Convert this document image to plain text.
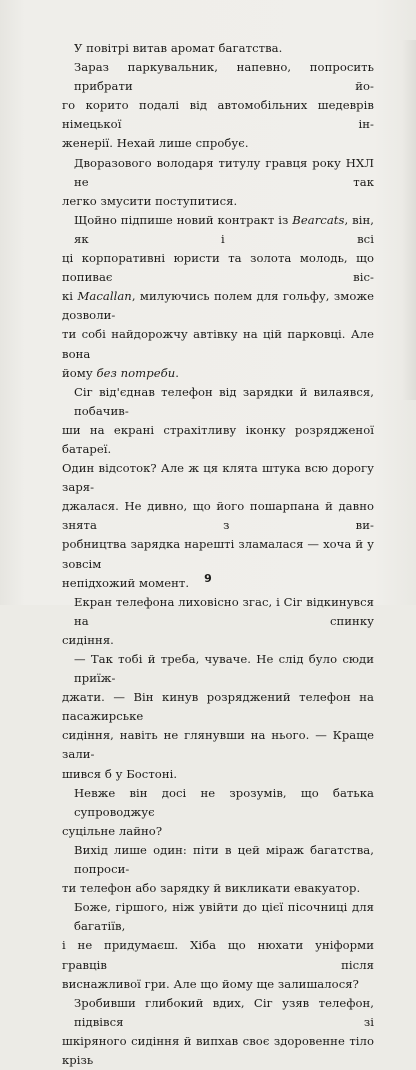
У повітрі витав аромат багатства.
Зараз паркувальник, напевно, попросить прибрати йо-
го корито подалі від автомобільних шедеврів німецької ін-
женерії. Нехай лише спробує.
Дворазового володаря титулу гравця року НХЛ не так
легко змусити поступитися.
Щойно підпише новий контракт із Bearcats, він, як і всі
ці корпоративні юристи та золота молодь, що попиває віс-
кі Macallan, милуючись полем для гольфу, зможе дозволи-
ти собі найдорожчу автівку на цій парковці. Але вона
йому без потреби.
Сіг від'єднав телефон від зарядки й вилаявся, побачив-
ши на екрані страхітливу іконку розрядженої батареї.
Один відсоток? Але ж ця клята штука всю дорогу заря-
джалася. Не дивно, що його пошарпана й давно знята з ви-
робництва зарядка нарешті зламалася — хоча й у зовсім
непідхожий момент.
Екран телефона лиховісно згас, і Сіг відкинувся на спинку
сидіння.
— Так тобі й треба, чувачe. Не слід було сюди приїж-
джати. — Він кинув розряджений телефон на пасажирське
сидіння, навіть не глянувши на нього. — Краще зали-
шився б у Бостоні.
Невже він досі не зрозумів, що батька супроводжує
суцільне лайно?
Вихід лише один: піти в цей міраж багатства, попроси-
ти телефон або зарядку й викликати евакуатор.
Боже, гіршого, ніж увійти до цієї пісочниці для багатіїв,
і не придумаєш. Хіба що нюхати уніформи гравців після
виснажливої гри. Але що йому ще залишалося?
Зробивши глибокий вдих, Сіг узяв телефон, підвівся зі
шкіряного сидіння й випхав своє здоровенне тіло крізь
9
